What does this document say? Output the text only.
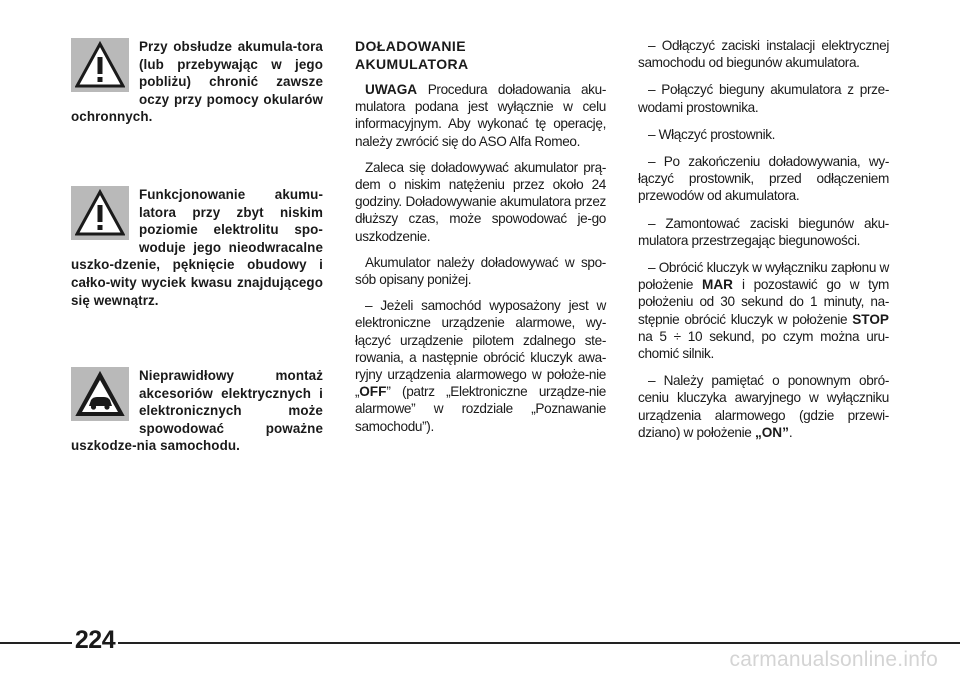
Przy obsłudze akumula-tora (lub przebywając w jego pobliżu) chronić zawsze oczy przy pomocy okularów ochronnych.
Funkcjonowanie akumu-latora przy zbyt niskim poziomie elektrolitu spo-woduje jego nieodwracalne uszko-dzenie, pęknięcie obudowy i całko-wity wyciek kwasu znajdującego się wewnątrz.
Nieprawidłowy montaż akcesoriów elektrycznych i elektronicznych może spowodować poważne uszkodze-nia samochodu.
DOŁADOWANIE
AKUMULATORA
UWAGA Procedura doładowania aku-mulatora podana jest wyłącznie w celu informacyjnym. Aby wykonać tę operację, należy zwrócić się do ASO Alfa Romeo.
Zaleca się doładowywać akumulator prą-dem o niskim natężeniu przez około 24 godziny. Doładowywanie akumulatora przez dłuższy czas, może spowodować je-go uszkodzenie.
Akumulator należy doładowywać w spo-sób opisany poniżej.
– Jeżeli samochód wyposażony jest w elektroniczne urządzenie alarmowe, wy-łączyć urządzenie pilotem zdalnego ste-rowania, a następnie obrócić kluczyk awa-ryjny urządzenia alarmowego w położe-nie „OFF” (patrz „Elektroniczne urządze-nie alarmowe” w rozdziale „Poznawanie samochodu”).
– Odłączyć zaciski instalacji elektrycznej samochodu od biegunów akumulatora.
– Połączyć bieguny akumulatora z prze-wodami prostownika.
– Włączyć prostownik.
– Po zakończeniu doładowywania, wy-łączyć prostownik, przed odłączeniem przewodów od akumulatora.
– Zamontować zaciski biegunów aku-mulatora przestrzegając biegunowości.
– Obrócić kluczyk w wyłączniku zapłonu w położenie MAR i pozostawić go w tym położeniu od 30 sekund do 1 minuty, na-stępnie obrócić kluczyk w położenie STOP na 5 ÷ 10 sekund, po czym można uru-chomić silnik.
– Należy pamiętać o ponownym obró-ceniu kluczyka awaryjnego w wyłączniku urządzenia alarmowego (gdzie przewi-dziano) w położenie „ON”.
224
carmanualsonline.info
